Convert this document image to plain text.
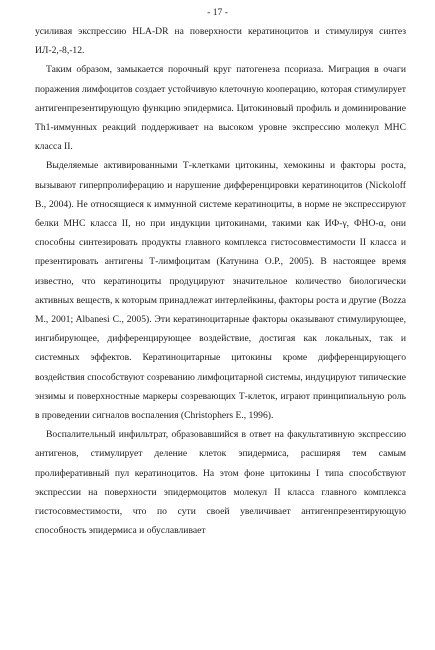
- 17 -

усиливая экспрессию HLA-DR на поверхности кератиноцитов и стимулируя синтез ИЛ-2,-8,-12.

Таким образом, замыкается порочный круг патогенеза псориаза. Миграция в очаги поражения лимфоцитов создает устойчивую клеточную кооперацию, которая стимулирует антигенпрезентирующую функцию эпидермиса. Цитокиновый профиль и доминирование Th1-иммунных реакций поддерживает на высоком уровне экспрессию молекул МНС класса II.

Выделяемые активированными Т-клетками цитокины, хемокины и факторы роста, вызывают гиперпролиферацию и нарушение дифференцировки кератиноцитов (Nickoloff B., 2004). Не относящиеся к иммунной системе кератиноциты, в норме не экспрессируют белки МНС класса II, но при индукции цитокинами, такими как ИФ-γ, ФНО-α, они способны синтезировать продукты главного комплекса гистосовместимости II класса и презентировать антигены Т-лимфоцитам (Катунина О.Р., 2005). В настоящее время известно, что кератиноциты продуцируют значительное количество биологически активных веществ, к которым принадлежат интерлейкины, факторы роста и другие (Bozza M., 2001; Albanesi C., 2005). Эти кератиноцитарные факторы оказывают стимулирующее, ингибирующее, дифференцирующее воздействие, достигая как локальных, так и системных эффектов. Кератиноцитарные цитокины кроме дифференцирующего воздействия способствуют созреванию лимфоцитарной системы, индуцируют типические энзимы и поверхностные маркеры созревающих Т-клеток, играют принципиальную роль в проведении сигналов воспаления (Christophers E., 1996).

Воспалительный инфильтрат, образовавшийся в ответ на факультативную экспрессию антигенов, стимулирует деление клеток эпидермиса, расширяя тем самым пролиферативный пул кератиноцитов. На этом фоне цитокины I типа способствуют экспрессии на поверхности эпидермоцитов молекул II класса главного комплекса гистосовместимости, что по сути своей увеличивает антигенпрезентирующую способность эпидермиса и обуславливает
